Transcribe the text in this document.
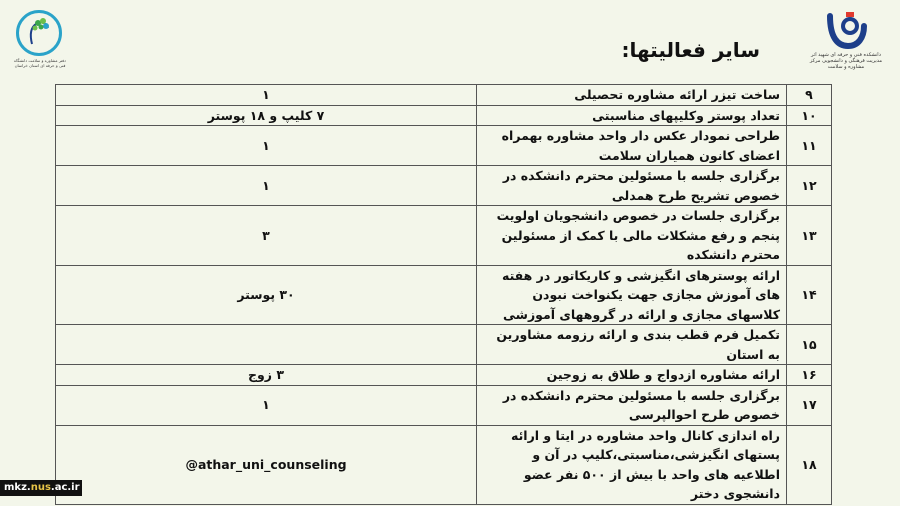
دفتر مشاوره و سلامت دانشگاه فنی و حرفه ای استان خراسان
دانشکده فنی و حرفه ای شهید اثر مدیریت فرهنگی و دانشجویی مرکز مشاوره و سلامت
سایر فعالیتها:
۹	ساخت تیزر ارائه مشاوره تحصیلی	۱
۱۰	تعداد پوستر وکلیپهای مناسبتی	۷ کلیپ و ۱۸ پوستر
۱۱	طراحی نمودار عکس دار واحد مشاوره بهمراه اعضای کانون همیاران سلامت	۱
۱۲	برگزاری جلسه با مسئولین محترم دانشکده در خصوص تشریح طرح همدلی	۱
۱۳	برگزاری جلسات در خصوص دانشجویان اولویت پنجم و رفع مشکلات مالی با کمک از مسئولین محترم دانشکده	۳
۱۴	ارائه پوسترهای انگیزشی و کاریکاتور در هفته های آموزش مجازی جهت یکنواخت نبودن کلاسهای مجازی و ارائه در گروههای آموزشی	۳۰ پوستر
۱۵	تکمیل فرم قطب بندی و ارائه رزومه مشاورین به استان	
۱۶	ارائه مشاوره ازدواج و طلاق به زوجین	۳ زوج
۱۷	برگزاری جلسه با مسئولین محترم دانشکده در خصوص طرح احوالپرسی	۱
۱۸	راه اندازی کانال واحد مشاوره در ایتا و ارائه پستهای انگیزشی،مناسبتی،کلیپ در آن و اطلاعیه های واحد با بیش از ۵۰۰ نفر عضو دانشجوی دختر	@athar_uni_counseling
mkz.nus.ac.ir
